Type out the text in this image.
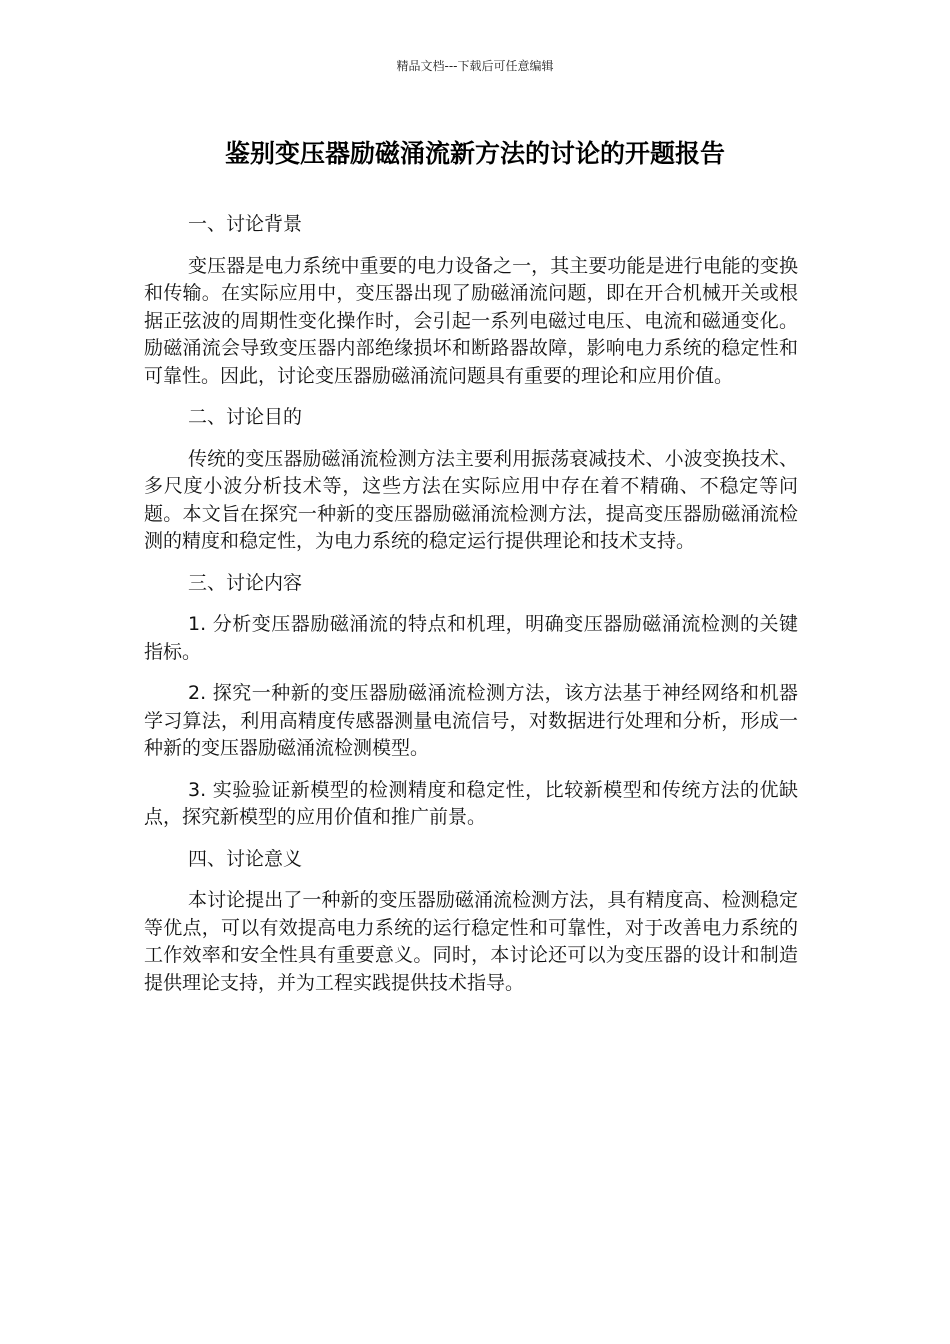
精品文档---下载后可任意编辑
鉴别变压器励磁涌流新方法的讨论的开题报告
一、讨论背景
变压器是电力系统中重要的电力设备之一，其主要功能是进行电能的变换和传输。在实际应用中，变压器出现了励磁涌流问题，即在开合机械开关或根据正弦波的周期性变化操作时，会引起一系列电磁过电压、电流和磁通变化。励磁涌流会导致变压器内部绝缘损坏和断路器故障，影响电力系统的稳定性和可靠性。因此，讨论变压器励磁涌流问题具有重要的理论和应用价值。
二、讨论目的
传统的变压器励磁涌流检测方法主要利用振荡衰减技术、小波变换技术、多尺度小波分析技术等，这些方法在实际应用中存在着不精确、不稳定等问题。本文旨在探究一种新的变压器励磁涌流检测方法，提高变压器励磁涌流检测的精度和稳定性，为电力系统的稳定运行提供理论和技术支持。
三、讨论内容
1. 分析变压器励磁涌流的特点和机理，明确变压器励磁涌流检测的关键指标。
2. 探究一种新的变压器励磁涌流检测方法，该方法基于神经网络和机器学习算法，利用高精度传感器测量电流信号，对数据进行处理和分析，形成一种新的变压器励磁涌流检测模型。
3. 实验验证新模型的检测精度和稳定性，比较新模型和传统方法的优缺点，探究新模型的应用价值和推广前景。
四、讨论意义
本讨论提出了一种新的变压器励磁涌流检测方法，具有精度高、检测稳定等优点，可以有效提高电力系统的运行稳定性和可靠性，对于改善电力系统的工作效率和安全性具有重要意义。同时，本讨论还可以为变压器的设计和制造提供理论支持，并为工程实践提供技术指导。
